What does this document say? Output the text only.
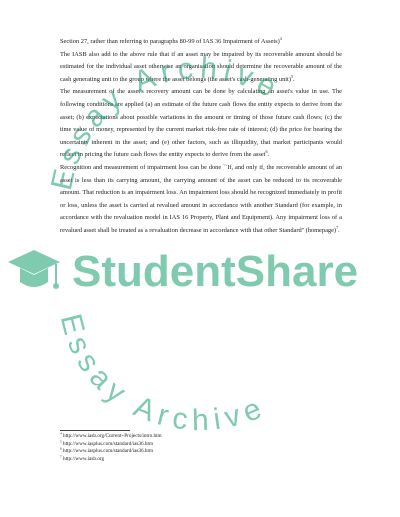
Section 27, rather than referring to paragraphs 80-99 of IAS 36 Impairment of Assets)$^4$

The IASB also add to the above rule that if an asset may be impaired by its recoverable amount should be estimated for the individual asset otherwise an organisation should determine the recoverable amount of the cash generating unit to the group where the asset belongs (the asset's cash-generating unit)$^5$.

The measurement of the asset's recovery amount can be done by calculating an asset's value in use. The following conditions are applied (a) an estimate of the future cash flows the entity expects to derive from the asset; (b) expectations about possible variations in the amount or timing of those future cash flows; (c) the time value of money, represented by the current market risk-free rate of interest; (d) the price for bearing the uncertainty inherent in the asset; and (e) other factors, such as illiquidity, that market participants would reflect in pricing the future cash flows the entity expects to derive from the asset$^6$.

Recognition and measurement of impairment loss can be done ``If, and only if, the recoverable amount of an asset is less than its carrying amount, the carrying amount of the asset can be reduced to its recoverable amount. That reduction is an impairment loss. An impairment loss should be recognized immediately in profit or loss, unless the asset is carried at revalued amount in accordance with another Standard (for example, in accordance with the revaluation model in IAS 16 Property, Plant and Equipment). Any impairment loss of a revalued asset shall be treated as a revaluation decrease in accordance with that other Standard'' (homepage)$^7$.

$^4$ http://www.iasb.org/Current+Projects/intro.htm
$^5$ http://www.iasplus.com/standard/ias36.htm
$^6$ http://www.iasplus.com/standard/ias36.htm
$^7$ http://www.iasb.org
Essay Archive
StudentShare
Essay Archive
